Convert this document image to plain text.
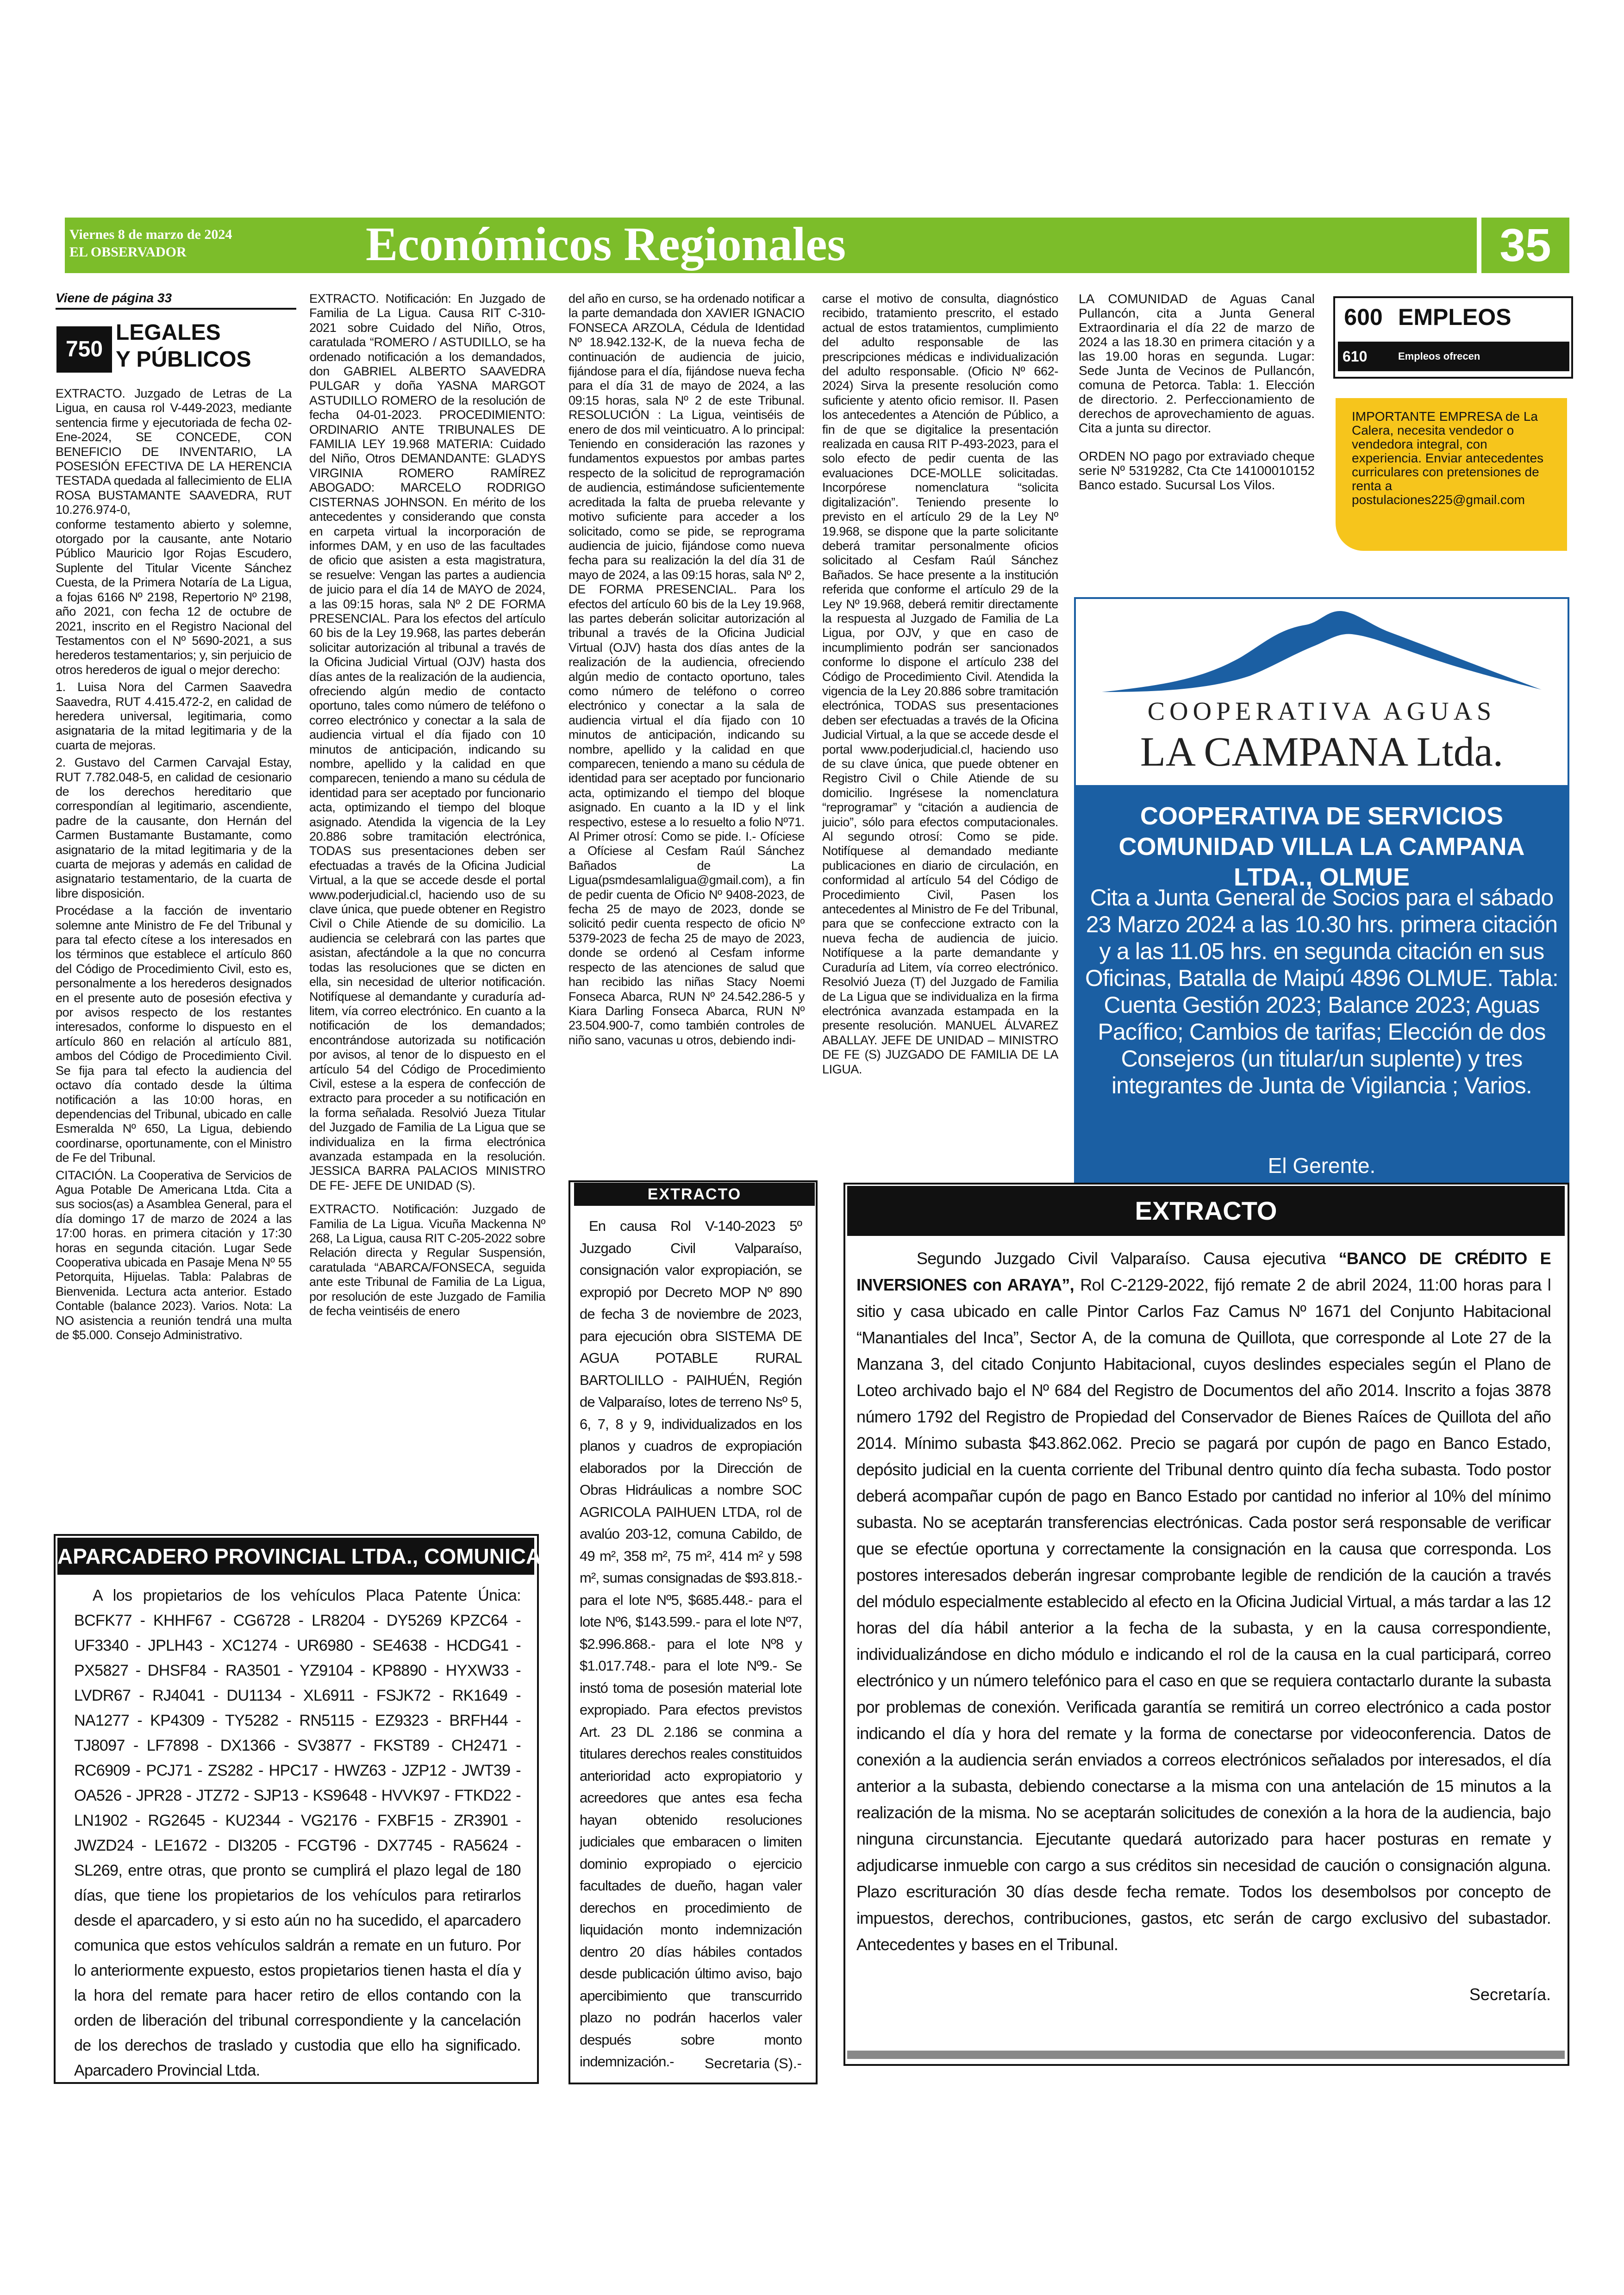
Viernes 8 de marzo de 2024
EL OBSERVADOR	Económicos Regionales	35
Viene de página 33
750
LEGALES
Y PÚBLICOS

EXTRACTO. Juzgado de Letras de La Ligua, en causa rol V-449-2023, mediante sentencia firme y ejecutoriada de fecha 02-Ene-2024, SE CONCEDE, CON BENEFICIO DE INVENTARIO, LA POSESIÓN EFECTIVA DE LA HERENCIA TESTADA quedada al fallecimiento de ELIA ROSA BUSTAMANTE SAAVEDRA, RUT 10.276.974-0,

conforme testamento abierto y solemne, otorgado por la causante, ante Notario Público Mauricio Igor Rojas Escudero, Suplente del Titular Vicente Sánchez Cuesta, de la Primera Notaría de La Ligua, a fojas 6166 Nº 2198, Repertorio Nº 2198, año 2021, con fecha 12 de octubre de 2021, inscrito en el Registro Nacional del Testamentos con el Nº 5690-2021, a sus herederos testamentarios; y, sin perjuicio de otros herederos de igual o mejor derecho:

1. Luisa Nora del Carmen Saavedra Saavedra, RUT 4.415.472-2, en calidad de heredera universal, legitimaria, como asignataria de la mitad legitimaria y de la cuarta de mejoras.

2. Gustavo del Carmen Carvajal Estay, RUT 7.782.048-5, en calidad de cesionario de los derechos hereditario que correspondían al legitimario, ascendiente, padre de la causante, don Hernán del Carmen Bustamante Bustamante, como asignatario de la mitad legitimaria y de la cuarta de mejoras y además en calidad de asignatario testamentario, de la cuarta de libre disposición.

Procédase a la facción de inventario solemne ante Ministro de Fe del Tribunal y para tal efecto cítese a los interesados en los términos que establece el artículo 860 del Código de Procedimiento Civil, esto es, personalmente a los herederos designados en el presente auto de posesión efectiva y por avisos respecto de los restantes interesados, conforme lo dispuesto en el artículo 860 en relación al artículo 881, ambos del Código de Procedimiento Civil. Se fija para tal efecto la audiencia del octavo día contado desde la última notificación a las 10:00 horas, en dependencias del Tribunal, ubicado en calle Esmeralda Nº 650, La Ligua, debiendo coordinarse, oportunamente, con el Ministro de Fe del Tribunal.

CITACIÓN. La Cooperativa de Servicios de Agua Potable De Americana Ltda. Cita a sus socios(as) a Asamblea General, para el día domingo 17 de marzo de 2024 a las 17:00 horas. en primera citación y 17:30 horas en segunda citación. Lugar Sede Cooperativa ubicada en Pasaje Mena Nº 55 Petorquita, Hijuelas. Tabla: Palabras de Bienvenida. Lectura acta anterior. Estado Contable (balance 2023). Varios. Nota: La NO asistencia a reunión tendrá una multa de $5.000. Consejo Administrativo.

EXTRACTO. Notificación: En Juzgado de Familia de La Ligua. Causa RIT C-310-2021 sobre Cuidado del Niño, Otros, caratulada “ROMERO / ASTUDILLO, se ha ordenado notificación a los demandados, don GABRIEL ALBERTO SAAVEDRA PULGAR y doña YASNA MARGOT ASTUDILLO ROMERO de la resolución de fecha 04-01-2023. PROCEDIMIENTO: ORDINARIO ANTE TRIBUNALES DE FAMILIA LEY 19.968 MATERIA: Cuidado del Niño, Otros DEMANDANTE: GLADYS VIRGINIA ROMERO RAMÍREZ ABOGADO: MARCELO RODRIGO CISTERNAS JOHNSON. En mérito de los antecedentes y considerando que consta en carpeta virtual la incorporación de informes DAM, y en uso de las facultades de oficio que asisten a esta magistratura, se resuelve: Vengan las partes a audiencia de juicio para el día 14 de MAYO de 2024, a las 09:15 horas, sala Nº 2 DE FORMA PRESENCIAL. Para los efectos del artículo 60 bis de la Ley 19.968, las partes deberán solicitar autorización al tribunal a través de la Oficina Judicial Virtual (OJV) hasta dos días antes de la realización de la audiencia, ofreciendo algún medio de contacto oportuno, tales como número de teléfono o correo electrónico y conectar a la sala de audiencia virtual el día fijado con 10 minutos de anticipación, indicando su nombre, apellido y la calidad en que comparecen, teniendo a mano su cédula de identidad para ser aceptado por funcionario acta, optimizando el tiempo del bloque asignado. Atendida la vigencia de la Ley 20.886 sobre tramitación electrónica, TODAS sus presentaciones deben ser efectuadas a través de la Oficina Judicial Virtual, a la que se accede desde el portal www.poderjudicial.cl, haciendo uso de su clave única, que puede obtener en Registro Civil o Chile Atiende de su domicilio. La audiencia se celebrará con las partes que asistan, afectándole a la que no concurra todas las resoluciones que se dicten en ella, sin necesidad de ulterior notificación. Notifíquese al demandante y curaduría ad-litem, vía correo electrónico. En cuanto a la notificación de los demandados; encontrándose autorizada su notificación por avisos, al tenor de lo dispuesto en el artículo 54 del Código de Procedimiento Civil, estese a la espera de confección de extracto para proceder a su notificación en la forma señalada. Resolvió Jueza Titular del Juzgado de Familia de La Ligua que se individualiza en la firma electrónica avanzada estampada en la resolución. JESSICA BARRA PALACIOS MINISTRO DE FE- JEFE DE UNIDAD (S).

EXTRACTO. Notificación: Juzgado de Familia de La Ligua. Vicuña Mackenna Nº 268, La Ligua, causa RIT C-205-2022 sobre Relación directa y Regular Suspensión, caratulada “ABARCA/FONSECA, seguida ante este Tribunal de Familia de La Ligua, por resolución de este Juzgado de Familia de fecha veintiséis de enero

del año en curso, se ha ordenado notificar a la parte demandada don XAVIER IGNACIO FONSECA ARZOLA, Cédula de Identidad Nº 18.942.132-K, de la nueva fecha de continuación de audiencia de juicio, fijándose para el día, fijándose nueva fecha para el día 31 de mayo de 2024, a las 09:15 horas, sala Nº 2 de este Tribunal. RESOLUCIÓN : La Ligua, veintiséis de enero de dos mil veinticuatro. A lo principal: Teniendo en consideración las razones y fundamentos expuestos por ambas partes respecto de la solicitud de reprogramación de audiencia, estimándose suficientemente acreditada la falta de prueba relevante y motivo suficiente para acceder a los solicitado, como se pide, se reprograma audiencia de juicio, fijándose como nueva fecha para su realización la del día 31 de mayo de 2024, a las 09:15 horas, sala Nº 2, DE FORMA PRESENCIAL. Para los efectos del artículo 60 bis de la Ley 19.968, las partes deberán solicitar autorización al tribunal a través de la Oficina Judicial Virtual (OJV) hasta dos días antes de la realización de la audiencia, ofreciendo algún medio de contacto oportuno, tales como número de teléfono o correo electrónico y conectar a la sala de audiencia virtual el día fijado con 10 minutos de anticipación, indicando su nombre, apellido y la calidad en que comparecen, teniendo a mano su cédula de identidad para ser aceptado por funcionario acta, optimizando el tiempo del bloque asignado. En cuanto a la ID y el link respectivo, estese a lo resuelto a folio Nº71. Al Primer otrosí: Como se pide. I.- Ofíciese a Ofíciese al Cesfam Raúl Sánchez Bañados de La Ligua(psmdesamlaligua@gmail.com), a fin de pedir cuenta de Oficio Nº 9408-2023, de fecha 25 de mayo de 2023, donde se solicitó pedir cuenta respecto de oficio Nº 5379-2023 de fecha 25 de mayo de 2023, donde se ordenó al Cesfam informe respecto de las atenciones de salud que han recibido las niñas Stacy Noemi Fonseca Abarca, RUN Nº 24.542.286-5 y Kiara Darling Fonseca Abarca, RUN Nº 23.504.900-7, como también controles de niño sano, vacunas u otros, debiendo indi-

carse el motivo de consulta, diagnóstico recibido, tratamiento prescrito, el estado actual de estos tratamientos, cumplimiento del adulto responsable de las prescripciones médicas e individualización del adulto responsable. (Oficio Nº 662-2024) Sirva la presente resolución como suficiente y atento oficio remisor. II. Pasen los antecedentes a Atención de Público, a fin de que se digitalice la presentación realizada en causa RIT P-493-2023, para el solo efecto de pedir cuenta de las evaluaciones DCE-MOLLE solicitadas. Incorpórese nomenclatura “solicita digitalización”. Teniendo presente lo previsto en el artículo 29 de la Ley Nº 19.968, se dispone que la parte solicitante deberá tramitar personalmente oficios solicitado al Cesfam Raúl Sánchez Bañados. Se hace presente a la institución referida que conforme el artículo 29 de la Ley Nº 19.968, deberá remitir directamente la respuesta al Juzgado de Familia de La Ligua, por OJV, y que en caso de incumplimiento podrán ser sancionados conforme lo dispone el artículo 238 del Código de Procedimiento Civil. Atendida la vigencia de la Ley 20.886 sobre tramitación electrónica, TODAS sus presentaciones deben ser efectuadas a través de la Oficina Judicial Virtual, a la que se accede desde el portal www.poderjudicial.cl, haciendo uso de su clave única, que puede obtener en Registro Civil o Chile Atiende de su domicilio. Ingrésese la nomenclatura “reprogramar” y “citación a audiencia de juicio”, sólo para efectos computacionales. Al segundo otrosí: Como se pide. Notifíquese al demandado mediante publicaciones en diario de circulación, en conformidad al artículo 54 del Código de Procedimiento Civil, Pasen los antecedentes al Ministro de Fe del Tribunal, para que se confeccione extracto con la nueva fecha de audiencia de juicio. Notifíquese a la parte demandante y Curaduría ad Litem, vía correo electrónico. Resolvió Jueza (T) del Juzgado de Familia de La Ligua que se individualiza en la firma electrónica avanzada estampada en la presente resolución. MANUEL ÁLVAREZ ABALLAY. JEFE DE UNIDAD – MINISTRO DE FE (S) JUZGADO DE FAMILIA DE LA LIGUA.

LA COMUNIDAD de Aguas Canal Pullancón, cita a Junta General Extraordinaria el día 22 de marzo de 2024 a las 18.30 en primera citación y a las 19.00 horas en segunda. Lugar: Sede Junta de Vecinos de Pullancón, comuna de Petorca. Tabla: 1. Elección de directorio. 2. Perfeccionamiento de derechos de aprovechamiento de aguas. Cita a junta su director.

ORDEN NO pago por extraviado cheque serie Nº 5319282, Cta Cte 14100010152 Banco estado. Sucursal Los Vilos.

600 EMPLEOS
610	Empleos ofrecen
IMPORTANTE EMPRESA de La Calera, necesita vendedor o vendedora integral, con experiencia. Enviar antecedentes curriculares con pretensiones de renta a postulaciones225@gmail.com
COOPERATIVA AGUAS
LA CAMPANA Ltda.
COOPERATIVA DE SERVICIOS COMUNIDAD VILLA LA CAMPANA LTDA., OLMUE
Cita a Junta General de Socios para el sábado 23 Marzo 2024 a las 10.30 hrs. primera citación y a las 11.05 hrs. en segunda citación en sus Oficinas, Batalla de Maipú 4896 OLMUE. Tabla: Cuenta Gestión 2023; Balance 2023; Aguas Pacífico; Cambios de tarifas; Elección de dos Consejeros (un titular/un suplente) y tres integrantes de Junta de Vigilancia ; Varios.
El Gerente.
APARCADERO PROVINCIAL LTDA., COMUNICA:

A los propietarios de los vehículos Placa Patente Única: BCFK77 - KHHF67 - CG6728 - LR8204 - DY5269 KPZC64 - UF3340 - JPLH43 - XC1274 - UR6980 - SE4638 - HCDG41 - PX5827 - DHSF84 - RA3501 - YZ9104 - KP8890 - HYXW33 - LVDR67 - RJ4041 - DU1134 - XL6911 - FSJK72 - RK1649 - NA1277 - KP4309 - TY5282 - RN5115 - EZ9323 - BRFH44 - TJ8097 - LF7898 - DX1366 - SV3877 - FKST89 - CH2471 - RC6909 - PCJ71 - ZS282 - HPC17 - HWZ63 - JZP12 - JWT39 - OA526 - JPR28 - JTZ72 - SJP13 - KS9648 - HVVK97 - FTKD22 - LN1902 - RG2645 - KU2344 - VG2176 - FXBF15 - ZR3901 - JWZD24 - LE1672 - DI3205 - FCGT96 - DX7745 - RA5624 - SL269, entre otras, que pronto se cumplirá el plazo legal de 180 días, que tiene los propietarios de los vehículos para retirarlos desde el aparcadero, y si esto aún no ha sucedido, el aparcadero comunica que estos vehículos saldrán a remate en un futuro. Por lo anteriormente expuesto, estos propietarios tienen hasta el día y la hora del remate para hacer retiro de ellos contando con la orden de liberación del tribunal correspondiente y la cancelación de los derechos de traslado y custodia que ello ha significado. Aparcadero Provincial Ltda.

EXTRACTO

En causa Rol V-140-2023 5º Juzgado Civil Valparaíso, consignación valor expropiación, se expropió por Decreto MOP Nº 890 de fecha 3 de noviembre de 2023, para ejecución obra SISTEMA DE AGUA POTABLE RURAL BARTOLILLO - PAIHUÉN, Región de Valparaíso, lotes de terreno Nsº 5, 6, 7, 8 y 9, individualizados en los planos y cuadros de expropiación elaborados por la Dirección de Obras Hidráulicas a nombre SOC AGRICOLA PAIHUEN LTDA, rol de avalúo 203-12, comuna Cabildo, de 49 m², 358 m², 75 m², 414 m² y 598 m², sumas consignadas de $93.818.- para el lote Nº5, $685.448.- para el lote Nº6, $143.599.- para el lote Nº7, $2.996.868.- para el lote Nº8 y $1.017.748.- para el lote Nº9.- Se instó toma de posesión material lote expropiado. Para efectos previstos Art. 23 DL 2.186 se conmina a titulares derechos reales constituidos anterioridad acto expropiatorio y acreedores que antes esa fecha hayan obtenido resoluciones judiciales que embaracen o limiten dominio expropiado o ejercicio facultades de dueño, hagan valer derechos en procedimiento de liquidación monto indemnización dentro 20 días hábiles contados desde publicación último aviso, bajo apercibimiento que transcurrido plazo no podrán hacerlos valer después sobre monto indemnización.-	Secretaria (S).-
EXTRACTO

Segundo Juzgado Civil Valparaíso. Causa ejecutiva “BANCO DE CRÉDITO E INVERSIONES con ARAYA”, Rol C-2129-2022, fijó remate 2 de abril 2024, 11:00 horas para l sitio y casa ubicado en calle Pintor Carlos Faz Camus Nº 1671 del Conjunto Habitacional “Manantiales del Inca”, Sector A, de la comuna de Quillota, que corresponde al Lote 27 de la Manzana 3, del citado Conjunto Habitacional, cuyos deslindes especiales según el Plano de Loteo archivado bajo el Nº 684 del Registro de Documentos del año 2014. Inscrito a fojas 3878 número 1792 del Registro de Propiedad del Conservador de Bienes Raíces de Quillota del año 2014. Mínimo subasta $43.862.062. Precio se pagará por cupón de pago en Banco Estado, depósito judicial en la cuenta corriente del Tribunal dentro quinto día fecha subasta. Todo postor deberá acompañar cupón de pago en Banco Estado por cantidad no inferior al 10% del mínimo subasta. No se aceptarán transferencias electrónicas. Cada postor será responsable de verificar que se efectúe oportuna y correctamente la consignación en la causa que corresponda. Los postores interesados deberán ingresar comprobante legible de rendición de la caución a través del módulo especialmente establecido al efecto en la Oficina Judicial Virtual, a más tardar a las 12 horas del día hábil anterior a la fecha de la subasta, y en la causa correspondiente, individualizándose en dicho módulo e indicando el rol de la causa en la cual participará, correo electrónico y un número telefónico para el caso en que se requiera contactarlo durante la subasta por problemas de conexión. Verificada garantía se remitirá un correo electrónico a cada postor indicando el día y hora del remate y la forma de conectarse por videoconferencia. Datos de conexión a la audiencia serán enviados a correos electrónicos señalados por interesados, el día anterior a la subasta, debiendo conectarse a la misma con una antelación de 15 minutos a la realización de la misma. No se aceptarán solicitudes de conexión a la hora de la audiencia, bajo ninguna circunstancia. Ejecutante quedará autorizado para hacer posturas en remate y adjudicarse inmueble con cargo a sus créditos sin necesidad de caución o consignación alguna. Plazo escrituración 30 días desde fecha remate. Todos los desembolsos por concepto de impuestos, derechos, contribuciones, gastos, etc serán de cargo exclusivo del subastador. Antecedentes y bases en el Tribunal.

Secretaría.
